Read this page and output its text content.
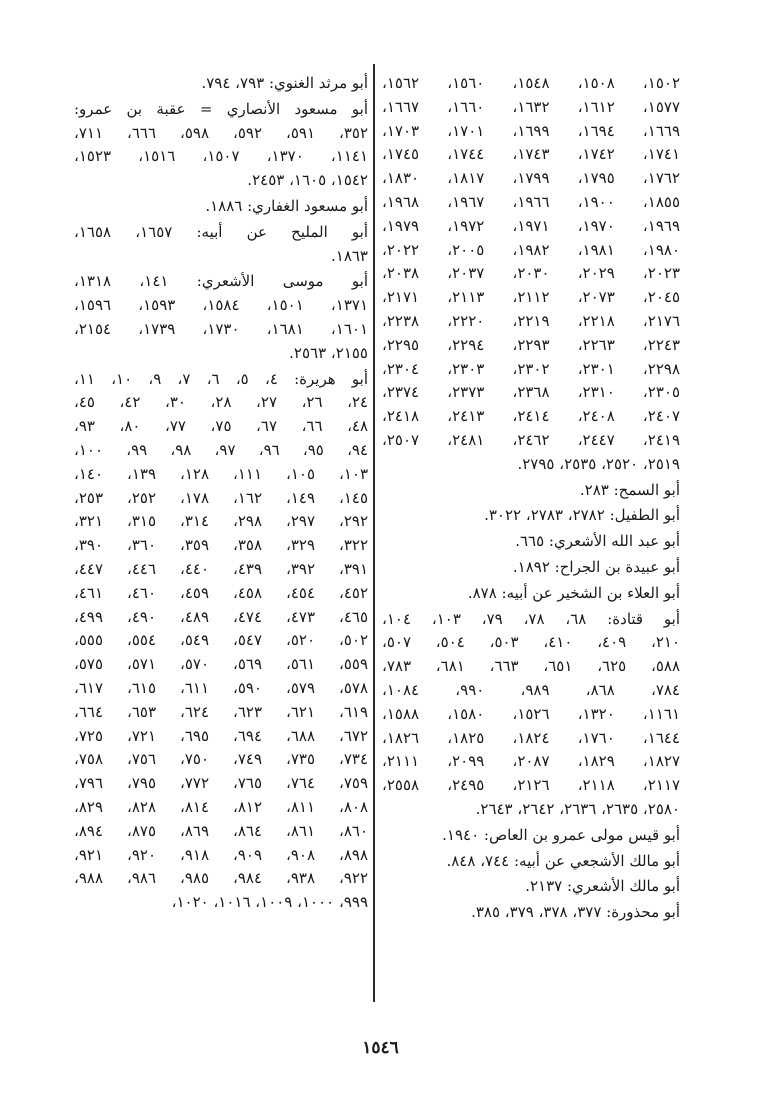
١٥٠٢، ١٥٠٨، ١٥٤٨، ١٥٦٠، ١٥٦٢،
١٥٧٧، ١٦١٢، ١٦٣٢، ١٦٦٠، ١٦٦٧،
١٦٦٩، ١٦٩٤، ١٦٩٩، ١٧٠١، ١٧٠٣،
١٧٤١، ١٧٤٢، ١٧٤٣، ١٧٤٤، ١٧٤٥،
١٧٦٢، ١٧٩٥، ١٧٩٩، ١٨١٧، ١٨٣٠،
١٨٥٥، ١٩٠٠، ١٩٦٦، ١٩٦٧، ١٩٦٨،
١٩٦٩، ١٩٧٠، ١٩٧١، ١٩٧٢، ١٩٧٩،
١٩٨٠، ١٩٨١، ١٩٨٢، ٢٠٠٥، ٢٠٢٢،
٢٠٢٣، ٢٠٢٩، ٢٠٣٠، ٢٠٣٧، ٢٠٣٨،
٢٠٤٥، ٢٠٧٣، ٢١١٢، ٢١١٣، ٢١٧١،
٢١٧٦، ٢٢١٨، ٢٢١٩، ٢٢٢٠، ٢٢٣٨،
٢٢٤٣، ٢٢٦٣، ٢٢٩٣، ٢٢٩٤، ٢٢٩٥،
٢٢٩٨، ٢٣٠١، ٢٣٠٢، ٢٣٠٣، ٢٣٠٤،
٢٣٠٥، ٢٣١٠، ٢٣٦٨، ٢٣٧٣، ٢٣٧٤،
٢٤٠٧، ٢٤٠٨، ٢٤١٤، ٢٤١٣، ٢٤١٨،
٢٤١٩، ٢٤٤٧، ٢٤٦٢، ٢٤٨١، ٢٥٠٧،
٢٥١٩، ٢٥٢٠، ٢٥٣٥، ٢٧٩٥.
أبو السمح: ٢٨٣.
أبو الطفيل: ٢٧٨٢، ٢٧٨٣، ٣٠٢٢.
أبو عبد الله الأشعري: ٦٦٥.
أبو عبيدة بن الجراح: ١٨٩٢.
أبو العلاء بن الشخير عن أبيه: ٨٧٨.
أبو قتادة: ٦٨، ٧٨، ٧٩، ١٠٣، ١٠٤،
٢١٠، ٤٠٩، ٤١٠، ٥٠٣، ٥٠٤، ٥٠٧،
٥٨٨، ٦٢٥، ٦٥١، ٦٦٣، ٦٨١، ٧٨٣،
٧٨٤، ٨٦٨، ٩٨٩، ٩٩٠، ١٠٨٤،
١١٦١، ١٣٢٠، ١٥٢٦، ١٥٨٠، ١٥٨٨،
١٦٤٤، ١٧٦٠، ١٨٢٤، ١٨٢٥، ١٨٢٦،
١٨٢٧، ١٨٢٩، ٢٠٨٧، ٢٠٩٩، ٢١١١،
٢١١٧، ٢١١٨، ٢١٢٦، ٢٤٩٥، ٢٥٥٨،
٢٥٨٠، ٢٦٣٥، ٢٦٣٦، ٢٦٤٢، ٢٦٤٣.
أبو قيس مولى عمرو بن العاص: ١٩٤٠.
أبو مالك الأشجعي عن أبيه: ٧٤٤، ٨٤٨.
أبو مالك الأشعري: ٢١٣٧.
أبو محذورة: ٣٧٧، ٣٧٨، ٣٧٩، ٣٨٥.
أبو مرثد الغنوي: ٧٩٣، ٧٩٤.
أبو مسعود الأنصاري = عقبة بن عمرو:
٣٥٢، ٥٩١، ٥٩٢، ٥٩٨، ٦٦٦، ٧١١،
١١٤١، ١٣٧٠، ١٥٠٧، ١٥١٦، ١٥٢٣،
١٥٤٢، ١٦٠٥، ٢٤٥٣.
أبو مسعود الغفاري: ١٨٨٦.
أبو المليح عن أبيه: ١٦٥٧، ١٦٥٨،
١٨٦٣.
أبو موسى الأشعري: ١٤١، ١٣١٨،
١٣٧١، ١٥٠١، ١٥٨٤، ١٥٩٣، ١٥٩٦،
١٦٠١، ١٦٨١، ١٧٣٠، ١٧٣٩، ٢١٥٤،
٢١٥٥، ٢٥٦٣.
أبو هريرة: ٤، ٥، ٦، ٧، ٩، ١٠، ١١،
٢٤، ٢٦، ٢٧، ٢٨، ٣٠، ٤٢، ٤٥،
٤٨، ٦٦، ٦٧، ٧٥، ٧٧، ٨٠، ٩٣،
٩٤، ٩٥، ٩٦، ٩٧، ٩٨، ٩٩، ١٠٠،
١٠٣، ١٠٥، ١١١، ١٢٨، ١٣٩، ١٤٠،
١٤٥، ١٤٩، ١٦٢، ١٧٨، ٢٥٢، ٢٥٣،
٢٩٢، ٢٩٧، ٢٩٨، ٣١٤، ٣١٥، ٣٢١،
٣٢٢، ٣٢٩، ٣٥٨، ٣٥٩، ٣٦٠، ٣٩٠،
٣٩١، ٣٩٢، ٤٣٩، ٤٤٠، ٤٤٦، ٤٤٧،
٤٥٢، ٤٥٤، ٤٥٨، ٤٥٩، ٤٦٠، ٤٦١،
٤٦٥، ٤٧٣، ٤٧٤، ٤٨٩، ٤٩٠، ٤٩٩،
٥٠٢، ٥٢٠، ٥٤٧، ٥٤٩، ٥٥٤، ٥٥٥،
٥٥٩، ٥٦١، ٥٦٩، ٥٧٠، ٥٧١، ٥٧٥،
٥٧٨، ٥٧٩، ٥٩٠، ٦١١، ٦١٥، ٦١٧،
٦١٩، ٦٢١، ٦٢٣، ٦٢٤، ٦٥٣، ٦٦٤،
٦٧٢، ٦٨٨، ٦٩٤، ٦٩٥، ٧٢١، ٧٢٥،
٧٣٤، ٧٣٥، ٧٤٩، ٧٥٠، ٧٥٦، ٧٥٨،
٧٥٩، ٧٦٤، ٧٦٥، ٧٧٢، ٧٩٥، ٧٩٦،
٨٠٨، ٨١١، ٨١٢، ٨١٤، ٨٢٨، ٨٢٩،
٨٦٠، ٨٦١، ٨٦٤، ٨٦٩، ٨٧٥، ٨٩٤،
٨٩٨، ٩٠٨، ٩٠٩، ٩١٨، ٩٢٠، ٩٢١،
٩٢٢، ٩٣٨، ٩٨٤، ٩٨٥، ٩٨٦، ٩٨٨،
٩٩٩، ١٠٠٠، ١٠٠٩، ١٠١٦، ١٠٢٠،
١٥٤٦
